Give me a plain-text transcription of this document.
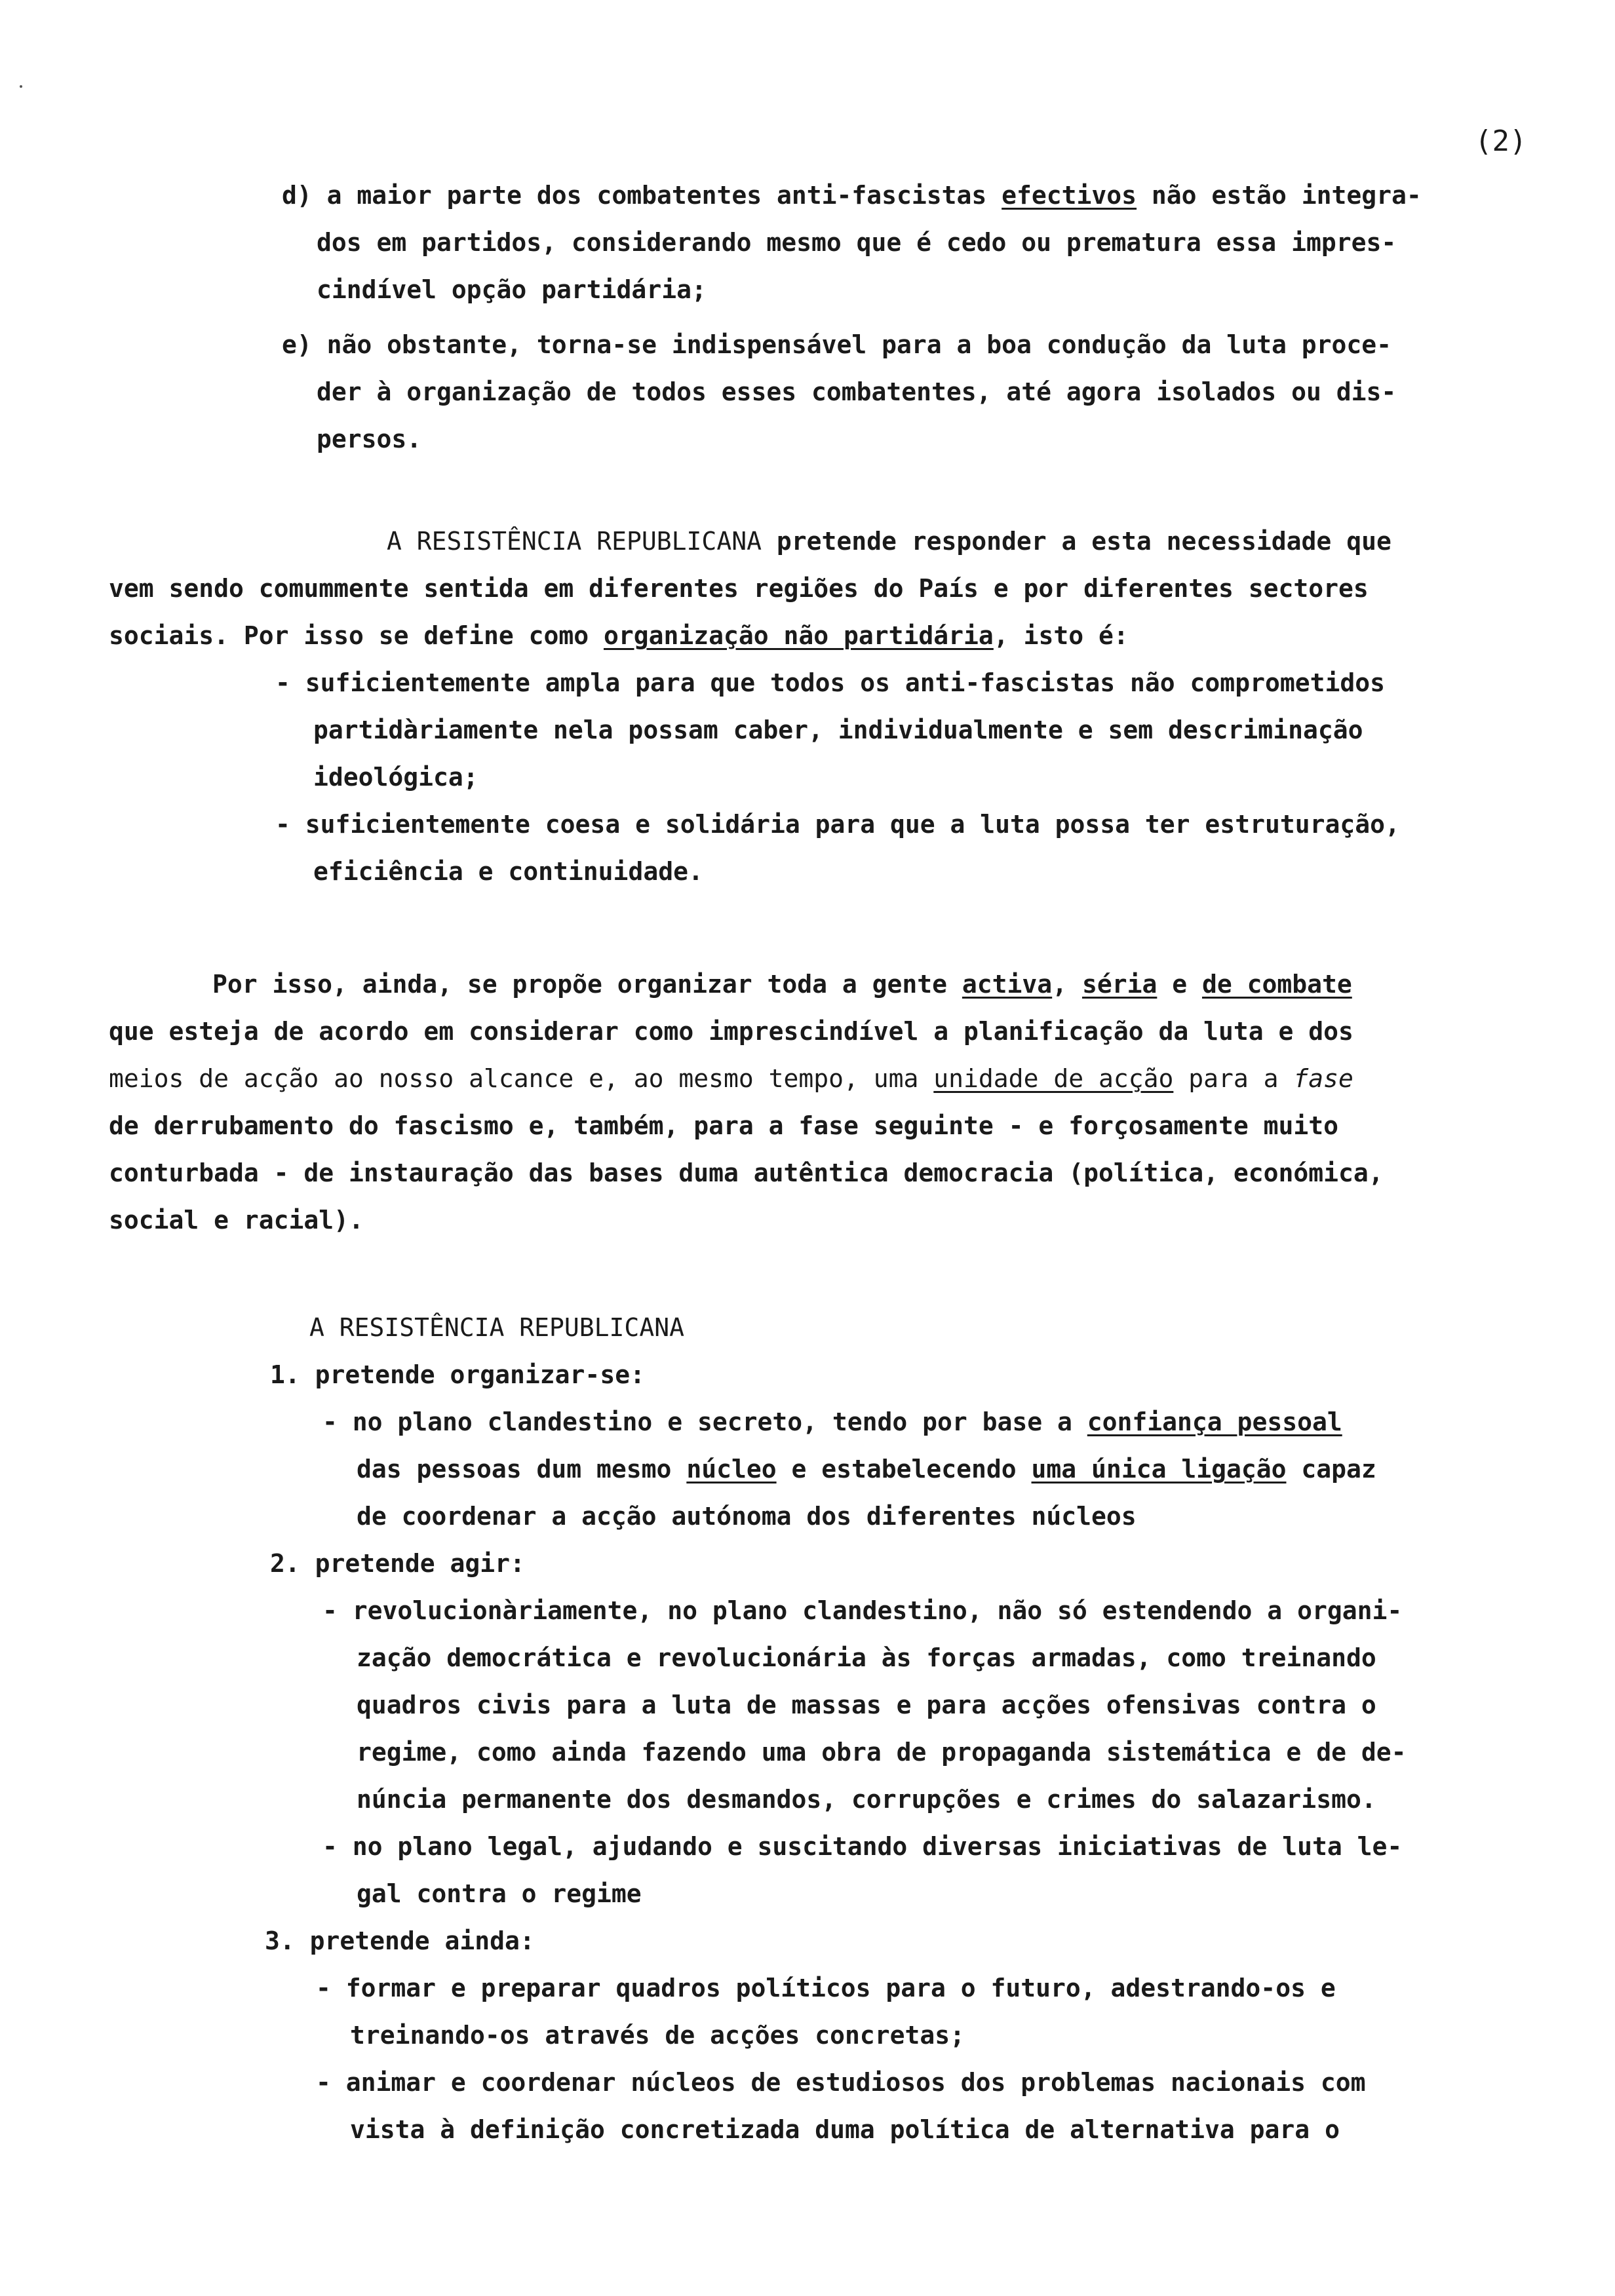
(2)
d) a maior parte dos combatentes anti-fascistas efectivos não estão integra-
dos em partidos, considerando mesmo que é cedo ou prematura essa impres-
cindível opção partidária;
e) não obstante, torna-se indispensável para a boa condução da luta proce-
der à organização de todos esses combatentes, até agora isolados ou dis-
persos.
A RESISTÊNCIA REPUBLICANA pretende responder a esta necessidade que
vem sendo comummente sentida em diferentes regiões do País e por diferentes sectores
sociais. Por isso se define como organização não partidária, isto é:
- suficientemente ampla para que todos os anti-fascistas não comprometidos
partidàriamente nela possam caber, individualmente e sem descriminação
ideológica;
- suficientemente coesa e solidária para que a luta possa ter estruturação,
eficiência e continuidade.
Por isso, ainda, se propõe organizar toda a gente activa, séria e de combate
que esteja de acordo em considerar como imprescindível a planificação da luta e dos
meios de acção ao nosso alcance e, ao mesmo tempo, uma unidade de acção para a fase
de derrubamento do fascismo e, também, para a fase seguinte - e forçosamente muito
conturbada - de instauração das bases duma autêntica democracia (política, económica,
social e racial).
A RESISTÊNCIA REPUBLICANA
1. pretende organizar-se:
- no plano clandestino e secreto, tendo por base a confiança pessoal
das pessoas dum mesmo núcleo e estabelecendo uma única ligação capaz
de coordenar a acção autónoma dos diferentes núcleos
2. pretende agir:
- revolucionàriamente, no plano clandestino, não só estendendo a organi-
zação democrática e revolucionária às forças armadas, como treinando
quadros civis para a luta de massas e para acções ofensivas contra o
regime, como ainda fazendo uma obra de propaganda sistemática e de de-
núncia permanente dos desmandos, corrupções e crimes do salazarismo.
- no plano legal, ajudando e suscitando diversas iniciativas de luta le-
gal contra o regime
3. pretende ainda:
- formar e preparar quadros políticos para o futuro, adestrando-os e
treinando-os através de acções concretas;
- animar e coordenar núcleos de estudiosos dos problemas nacionais com
vista à definição concretizada duma política de alternativa para o
